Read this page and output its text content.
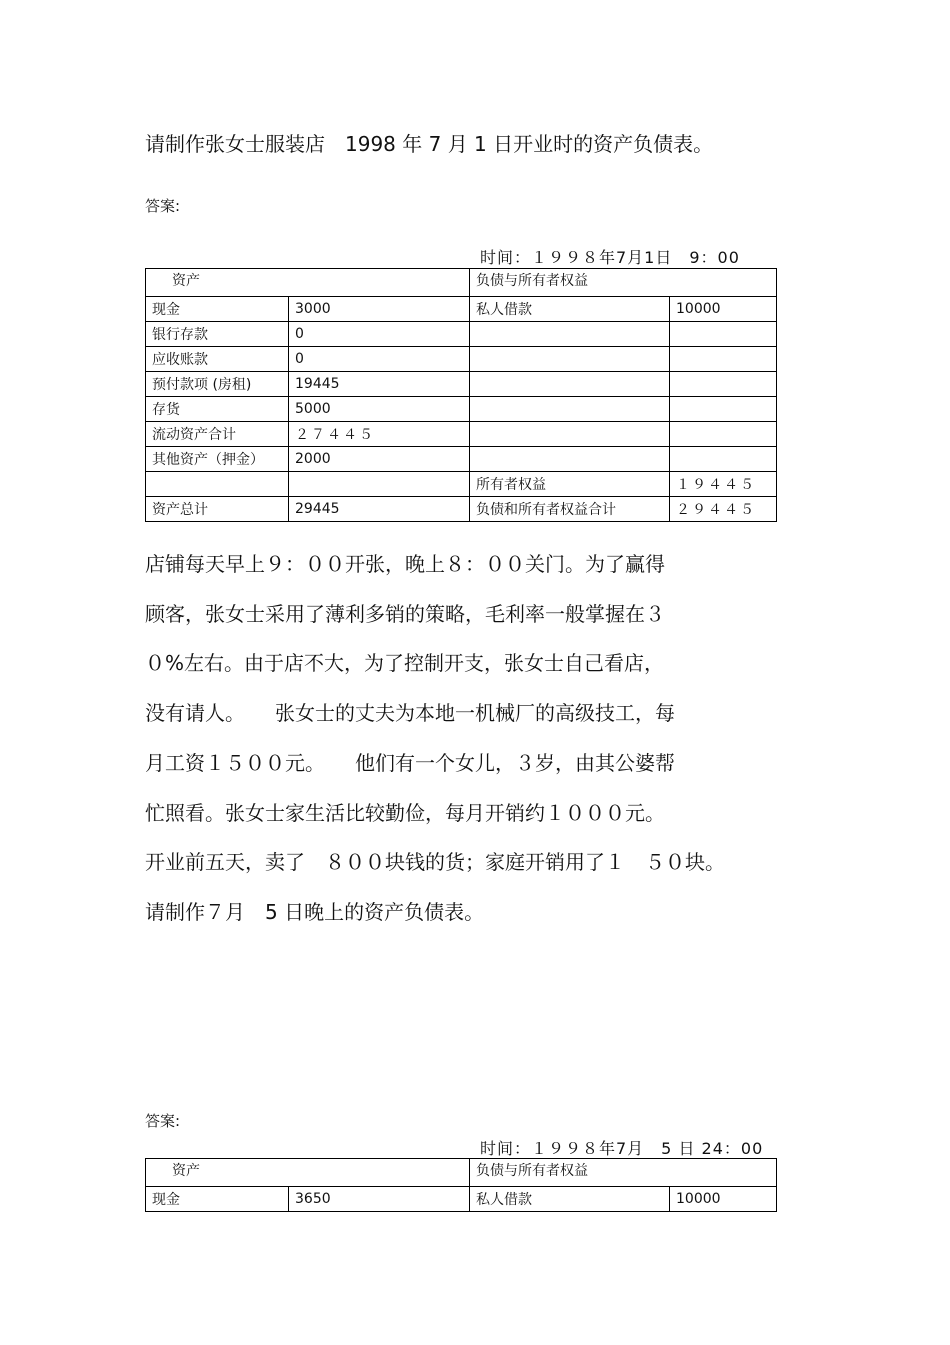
请制作张女士服装店　1998 年 7 月 1 日开业时的资产负债表。
答案:
时间：１９９８年7月1日　9：00
资产		负债与所有者权益	
现金	3000	私人借款	10000
银行存款	0		
应收账款	0		
预付款项 (房租)	19445		
存货	5000		
流动资产合计	２７４４５		
其他资产（押金）	2000		
		所有者权益	１９４４５
资产总计	29445	负债和所有者权益合计	２９４４５
店铺每天早上９：００开张，晚上８：００关门。为了赢得
顾客，张女士采用了薄利多销的策略，毛利率一般掌握在３
０%左右。由于店不大，为了控制开支，张女士自己看店，
没有请人。　　张女士的丈夫为本地一机械厂的高级技工，每
月工资１５００元。　　他们有一个女儿，３岁，由其公婆帮
忙照看。张女士家生活比较勤俭，每月开销约１０００元。
开业前五天，卖了　８００块钱的货；家庭开销用了１　５０块。
请制作７月　5 日晚上的资产负债表。
答案:
时间：１９９８年7月　5 日 24：00
资产		负债与所有者权益	
现金	3650	私人借款	10000
